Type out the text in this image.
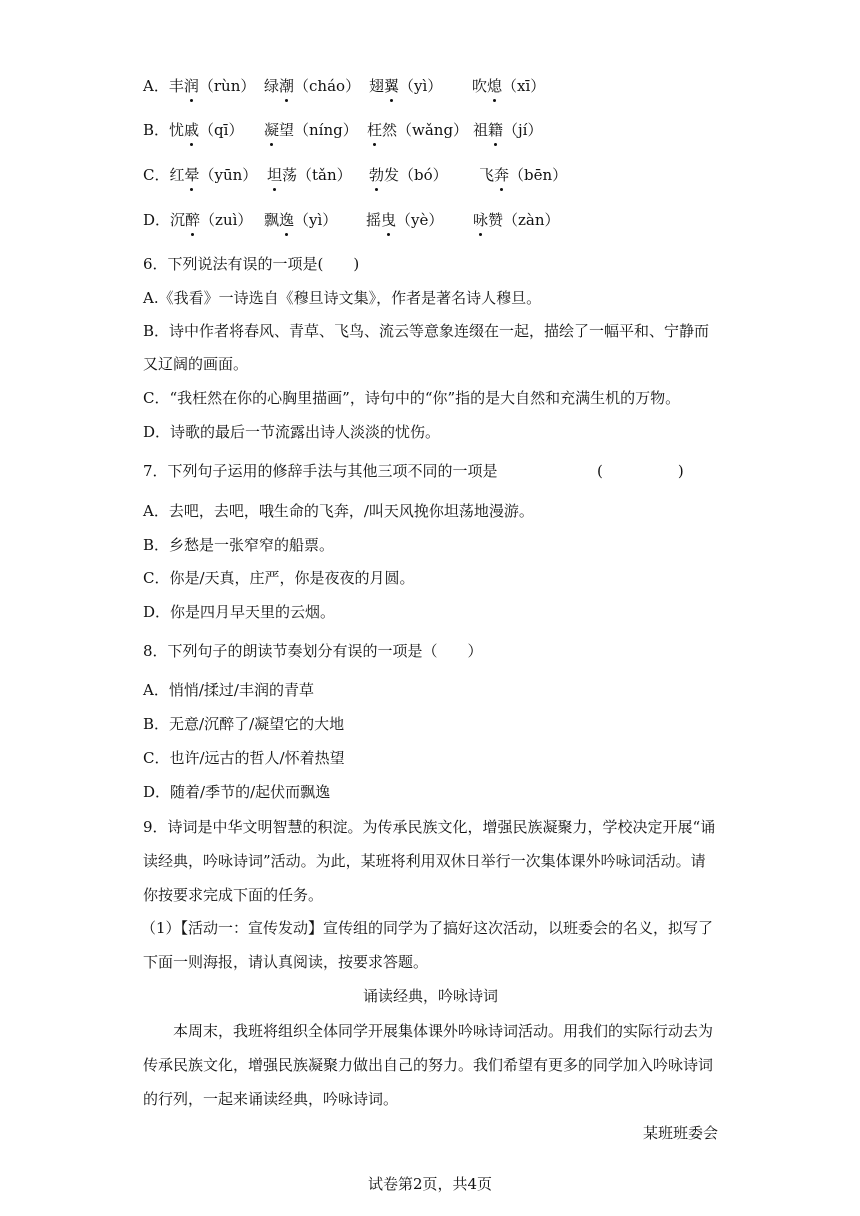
A．丰润（rùn） 绿潮（cháo） 翅翼（yì） 吹熄（xī）
B．忧戚（qī） 凝望（níng） 枉然（wǎng） 祖籍（jí）
C．红晕（yūn） 坦荡（tǎn） 勃发（bó） 飞奔（bēn）
D．沉醉（zuì） 飘逸（yì） 摇曳（yè） 咏赞（zàn）
6．下列说法有误的一项是(　　)
A.《我看》一诗选自《穆旦诗文集》，作者是著名诗人穆旦。
B．诗中作者将春风、青草、飞鸟、流云等意象连缀在一起，描绘了一幅平和、宁静而
又辽阔的画面。
C．“我枉然在你的心胸里描画”，诗句中的“你”指的是大自然和充满生机的万物。
D．诗歌的最后一节流露出诗人淡淡的忧伤。
7．下列句子运用的修辞手法与其他三项不同的一项是	(　　　　　)
A．去吧，去吧，哦生命的飞奔，/叫天风挽你坦荡地漫游。
B．乡愁是一张窄窄的船票。
C．你是/天真，庄严，你是夜夜的月圆。
D．你是四月早天里的云烟。
8．下列句子的朗读节奏划分有误的一项是（　　）
A．悄悄/揉过/丰润的青草
B．无意/沉醉了/凝望它的大地
C．也许/远古的哲人/怀着热望
D．随着/季节的/起伏而飘逸
9．诗词是中华文明智慧的积淀。为传承民族文化，增强民族凝聚力，学校决定开展“诵
读经典，吟咏诗词”活动。为此，某班将利用双休日举行一次集体课外吟咏词活动。请
你按要求完成下面的任务。
（1）【活动一：宣传发动】宣传组的同学为了搞好这次活动，以班委会的名义，拟写了
下面一则海报，请认真阅读，按要求答题。
诵读经典，吟咏诗词
本周末，我班将组织全体同学开展集体课外吟咏诗词活动。用我们的实际行动去为传承民族文化，增强民族凝聚力做出自己的努力。我们希望有更多的同学加入吟咏诗词的行列，一起来诵读经典，吟咏诗词。
某班班委会
试卷第2页，共4页
